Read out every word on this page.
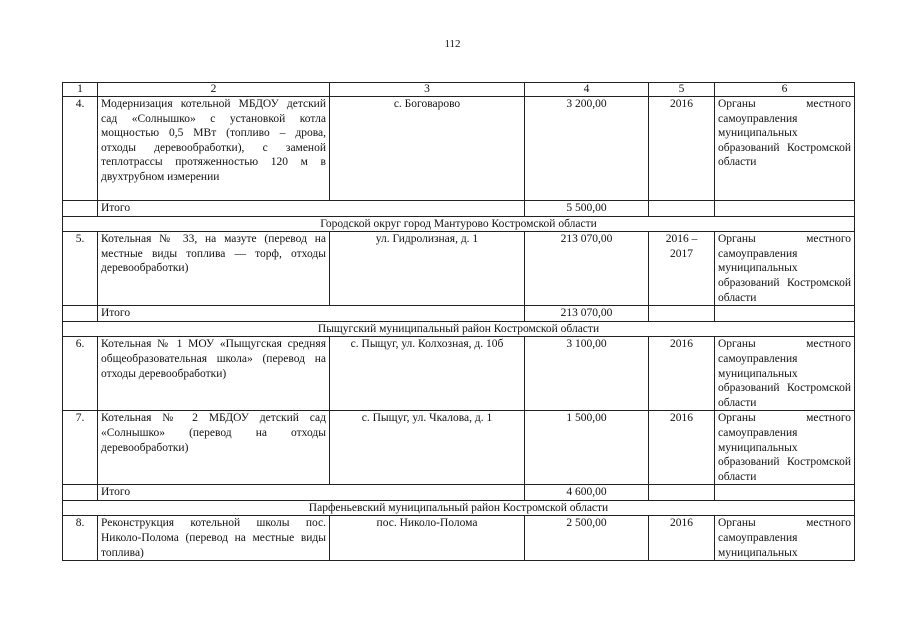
112
1	2	3	4	5	6
4.	Модернизация котельной МБДОУ детский сад «Солнышко» с установкой котла мощностью 0,5 МВт (топливо – дрова, отходы деревообработки), с заменой теплотрассы протяженностью 120 м в двухтрубном измерении	с. Боговарово	3 200,00	2016	Органы местного самоуправления муниципальных образований Костромской области
	Итого		5 500,00		
Городской округ город Мантурово Костромской области					
5.	Котельная № 33, на мазуте (перевод на местные виды топлива — торф, отходы деревообработки)	ул. Гидролизная, д. 1	213 070,00	2016 – 2017	Органы местного самоуправления муниципальных образований Костромской области
	Итого		213 070,00		
Пыщугский муниципальный район Костромской области					
6.	Котельная № 1 МОУ «Пыщугская средняя общеобразовательная школа» (перевод на отходы деревообработки)	с. Пыщуг, ул. Колхозная, д. 10б	3 100,00	2016	Органы местного самоуправления муниципальных образований Костромской области
7.	Котельная № 2 МБДОУ детский сад «Солнышко» (перевод на отходы деревообработки)	с. Пыщуг, ул. Чкалова, д. 1	1 500,00	2016	Органы местного самоуправления муниципальных образований Костромской области
	Итого		4 600,00		
Парфеньевский муниципальный район Костромской области					
8.	Реконструкция котельной школы пос. Николо-Полома (перевод на местные виды топлива)	пос. Николо-Полома	2 500,00	2016	Органы местного самоуправления муниципальных
